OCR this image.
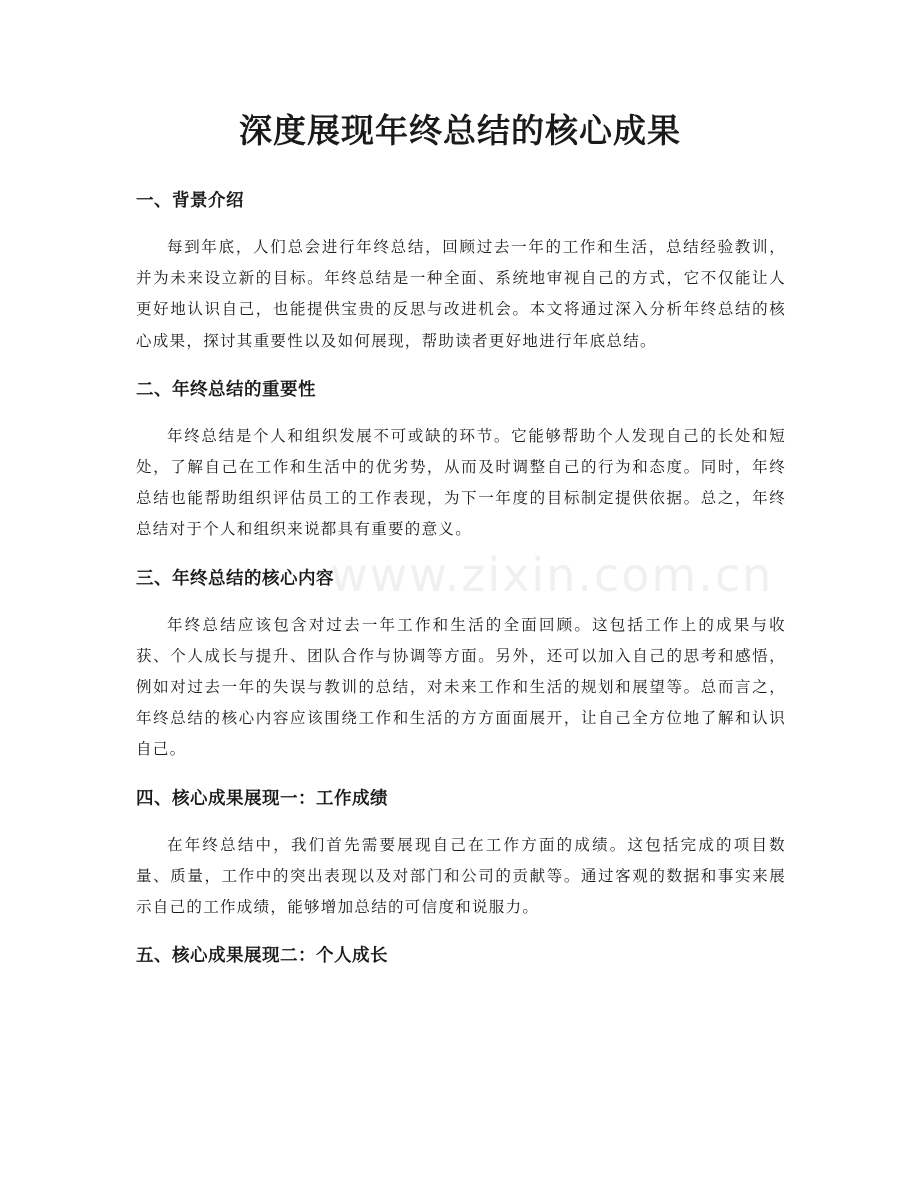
深度展现年终总结的核心成果
www.zixin.com.cn
一、背景介绍

每到年底，人们总会进行年终总结，回顾过去一年的工作和生活，总结经验教训，并为未来设立新的目标。年终总结是一种全面、系统地审视自己的方式，它不仅能让人更好地认识自己，也能提供宝贵的反思与改进机会。本文将通过深入分析年终总结的核心成果，探讨其重要性以及如何展现，帮助读者更好地进行年底总结。

二、年终总结的重要性

年终总结是个人和组织发展不可或缺的环节。它能够帮助个人发现自己的长处和短处，了解自己在工作和生活中的优劣势，从而及时调整自己的行为和态度。同时，年终总结也能帮助组织评估员工的工作表现，为下一年度的目标制定提供依据。总之，年终总结对于个人和组织来说都具有重要的意义。

三、年终总结的核心内容

年终总结应该包含对过去一年工作和生活的全面回顾。这包括工作上的成果与收获、个人成长与提升、团队合作与协调等方面。另外，还可以加入自己的思考和感悟，例如对过去一年的失误与教训的总结，对未来工作和生活的规划和展望等。总而言之，年终总结的核心内容应该围绕工作和生活的方方面面展开，让自己全方位地了解和认识自己。

四、核心成果展现一：工作成绩

在年终总结中，我们首先需要展现自己在工作方面的成绩。这包括完成的项目数量、质量，工作中的突出表现以及对部门和公司的贡献等。通过客观的数据和事实来展示自己的工作成绩，能够增加总结的可信度和说服力。

五、核心成果展现二：个人成长
